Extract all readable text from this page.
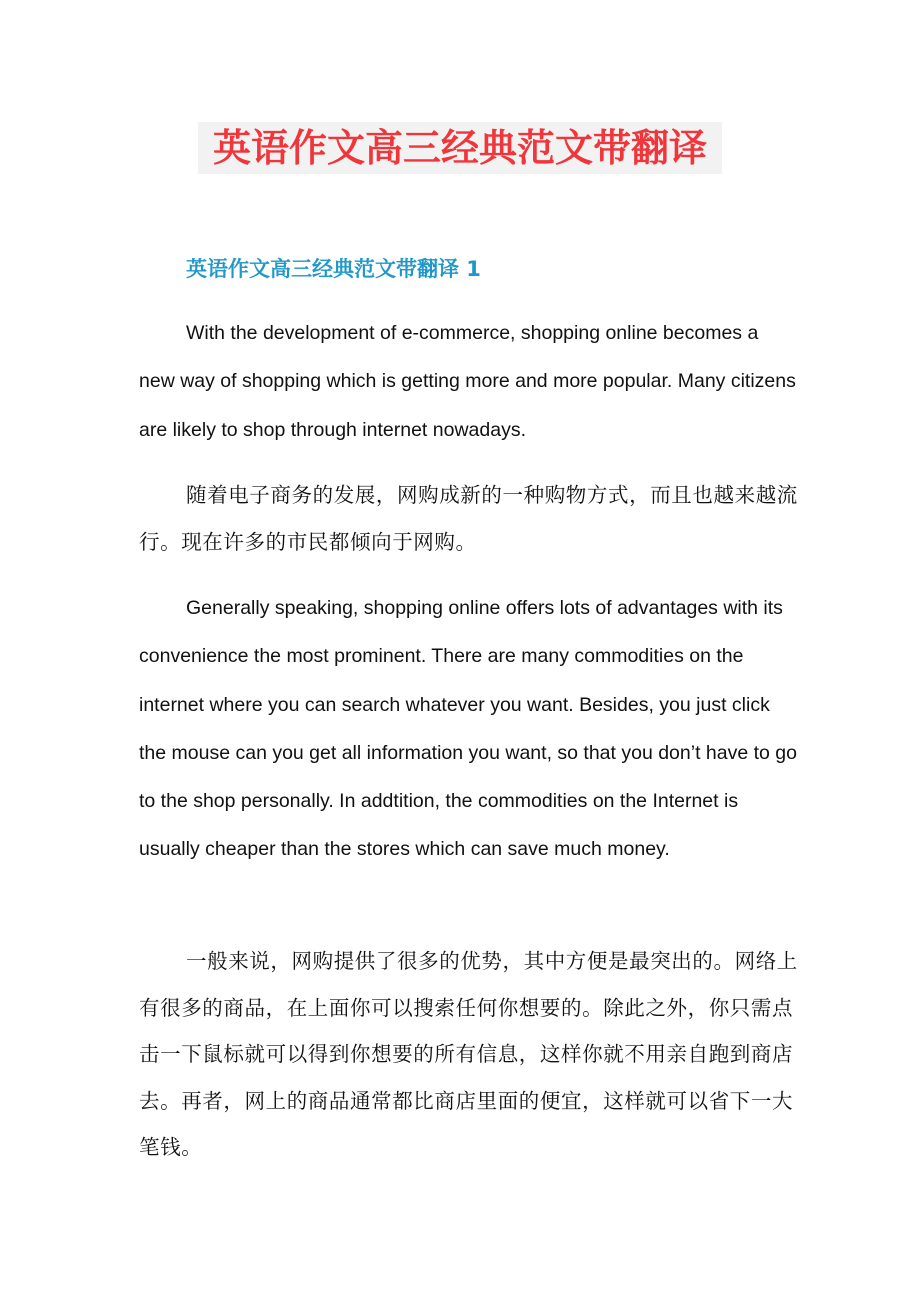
英语作文高三经典范文带翻译
英语作文高三经典范文带翻译 1

With the development of e-commerce, shopping online becomes a new way of shopping which is getting more and more popular. Many citizens are likely to shop through internet nowadays.

随着电子商务的发展，网购成新的一种购物方式，而且也越来越流行。现在许多的市民都倾向于网购。

Generally speaking, shopping online offers lots of advantages with its convenience the most prominent. There are many commodities on the internet where you can search whatever you want. Besides, you just click the mouse can you get all information you want, so that you don’t have to go to the shop personally. In addtition, the commodities on the Internet is usually cheaper than the stores which can save much money.

一般来说，网购提供了很多的优势，其中方便是最突出的。网络上有很多的商品，在上面你可以搜索任何你想要的。除此之外，你只需点击一下鼠标就可以得到你想要的所有信息，这样你就不用亲自跑到商店去。再者，网上的商品通常都比商店里面的便宜，这样就可以省下一大笔钱。
